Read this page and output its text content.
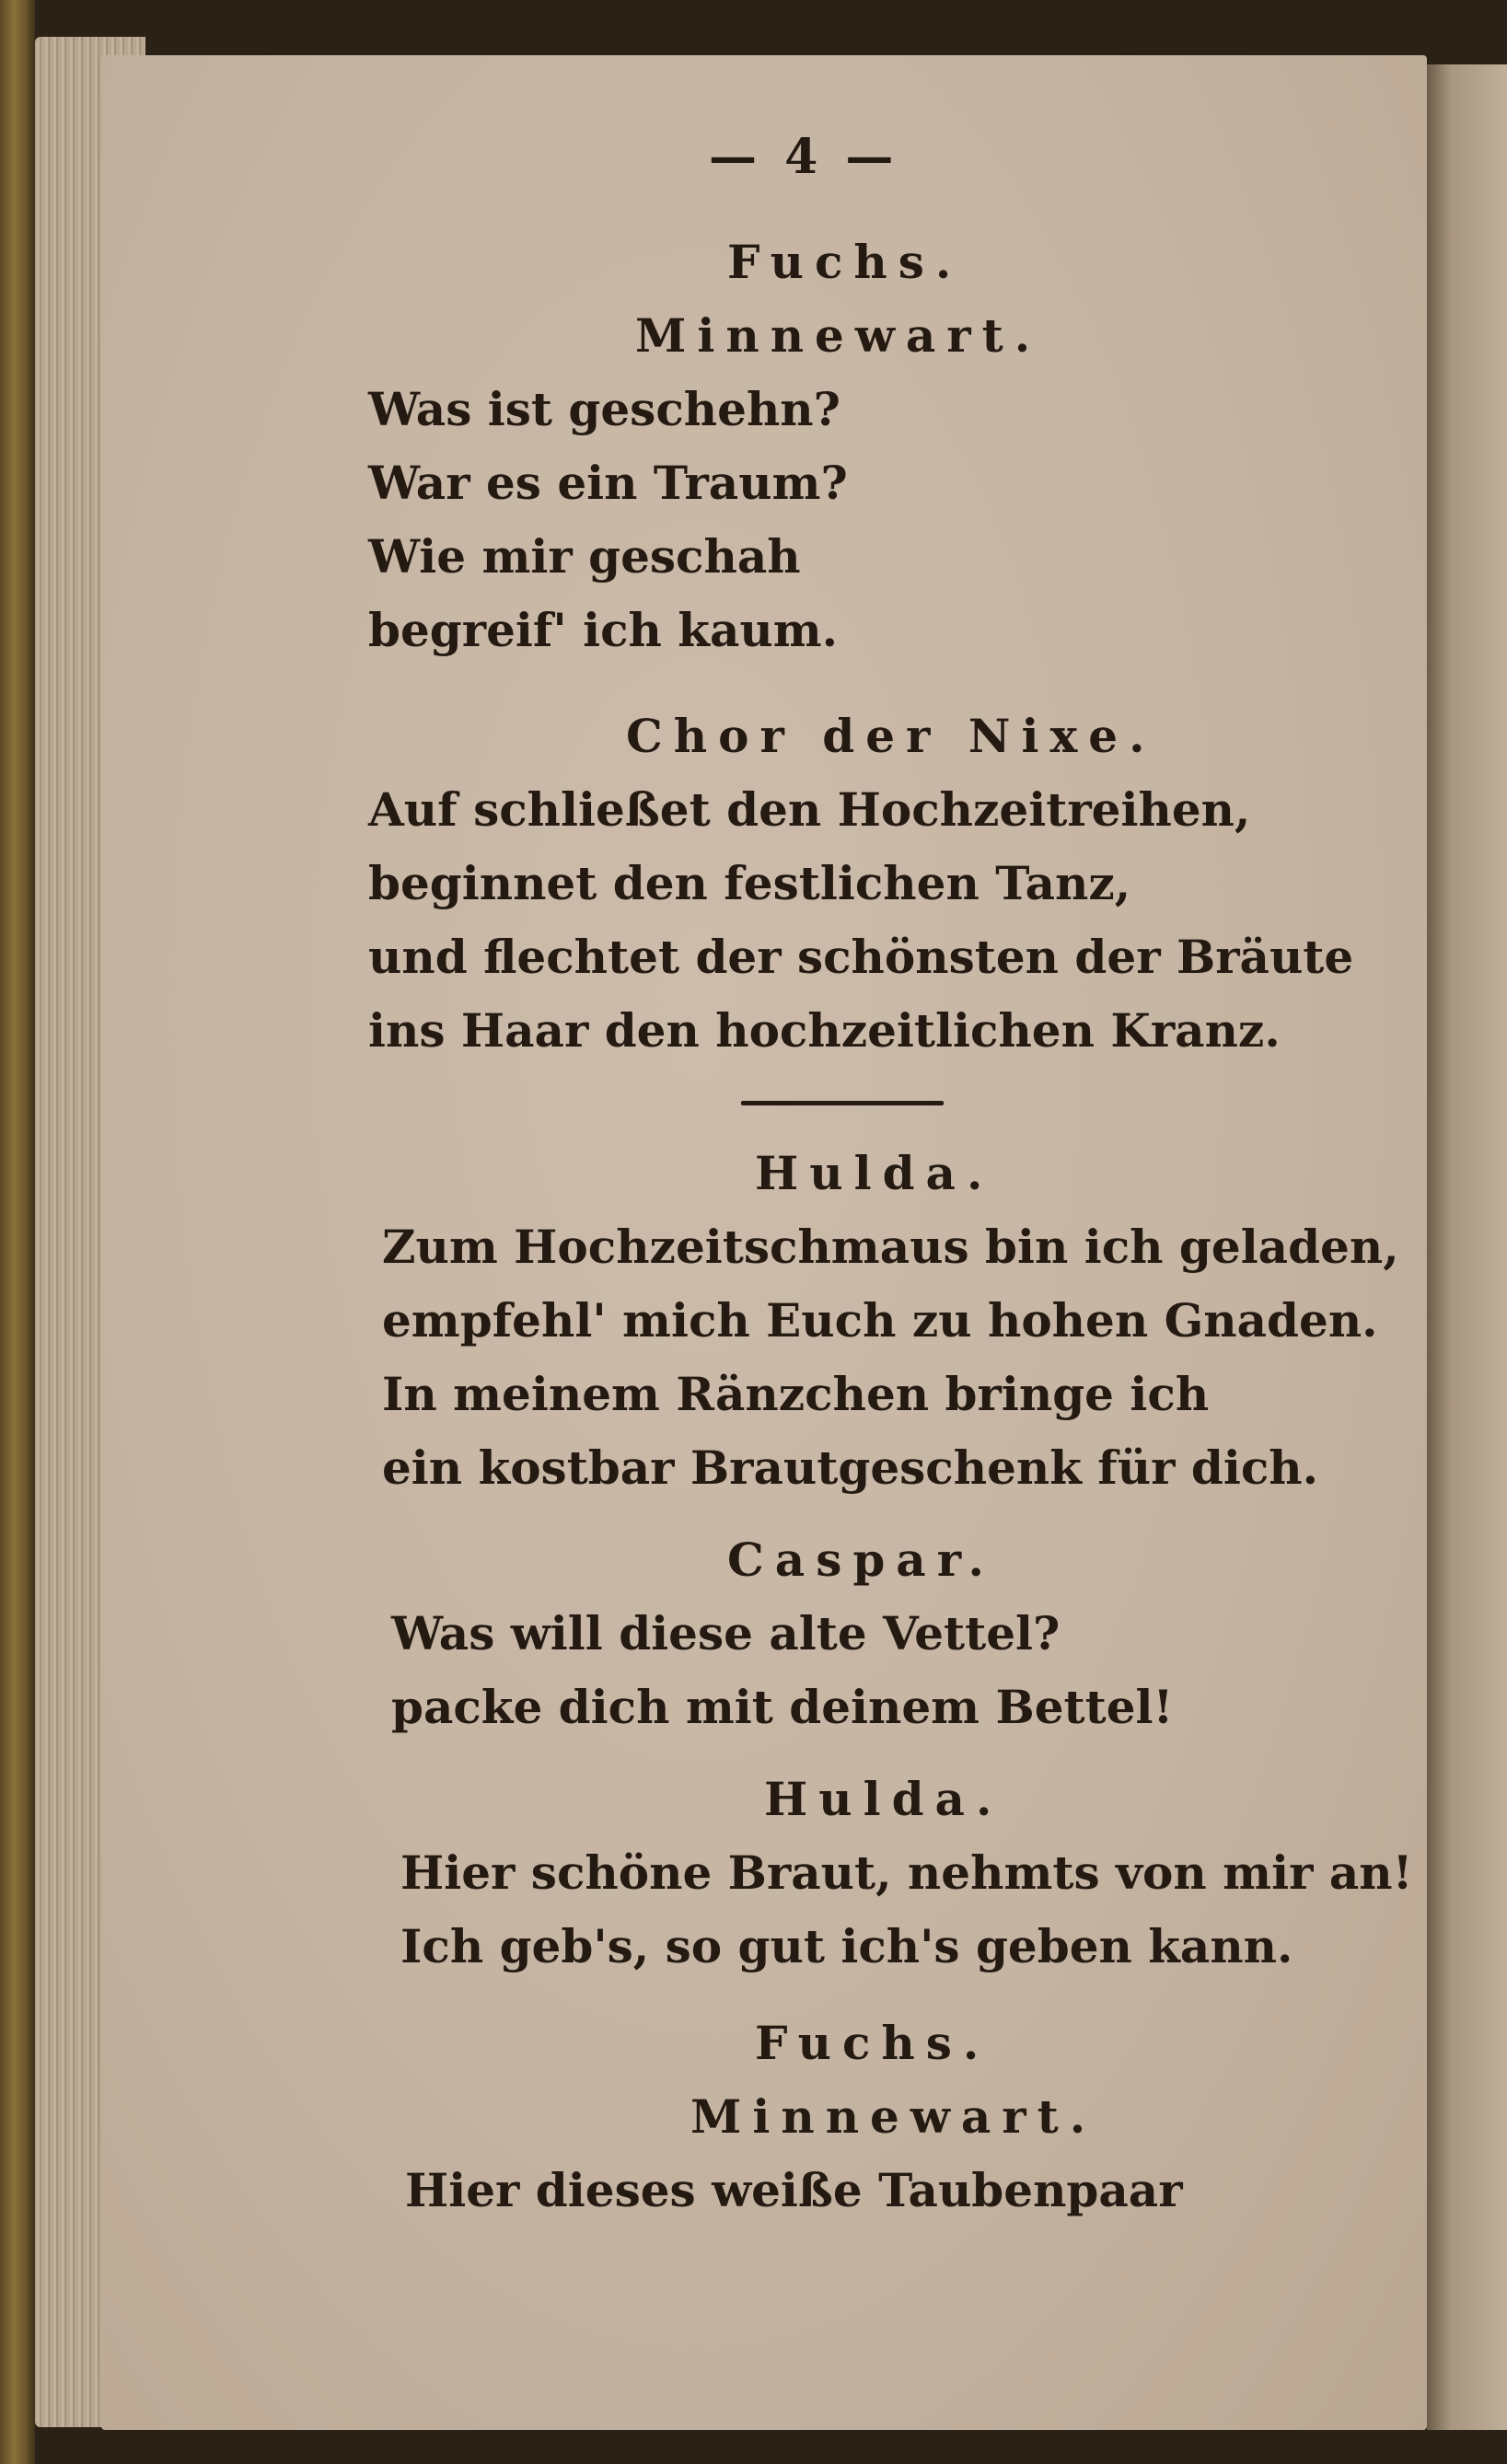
— 4 —
Fuchs.
Minnewart.
Was ist geschehn?
War es ein Traum?
Wie mir geschah
begreif' ich kaum.
Chor der Nixe.
Auf schließet den Hochzeitreihen,
beginnet den festlichen Tanz,
und flechtet der schönsten der Bräute
ins Haar den hochzeitlichen Kranz.
Hulda.
Zum Hochzeitschmaus bin ich geladen,
empfehl' mich Euch zu hohen Gnaden.
In meinem Ränzchen bringe ich
ein kostbar Brautgeschenk für dich.
Caspar.
Was will diese alte Vettel?
packe dich mit deinem Bettel!
Hulda.
Hier schöne Braut, nehmts von mir an!
Ich geb's, so gut ich's geben kann.
Fuchs.
Minnewart.
Hier dieses weiße Taubenpaar
